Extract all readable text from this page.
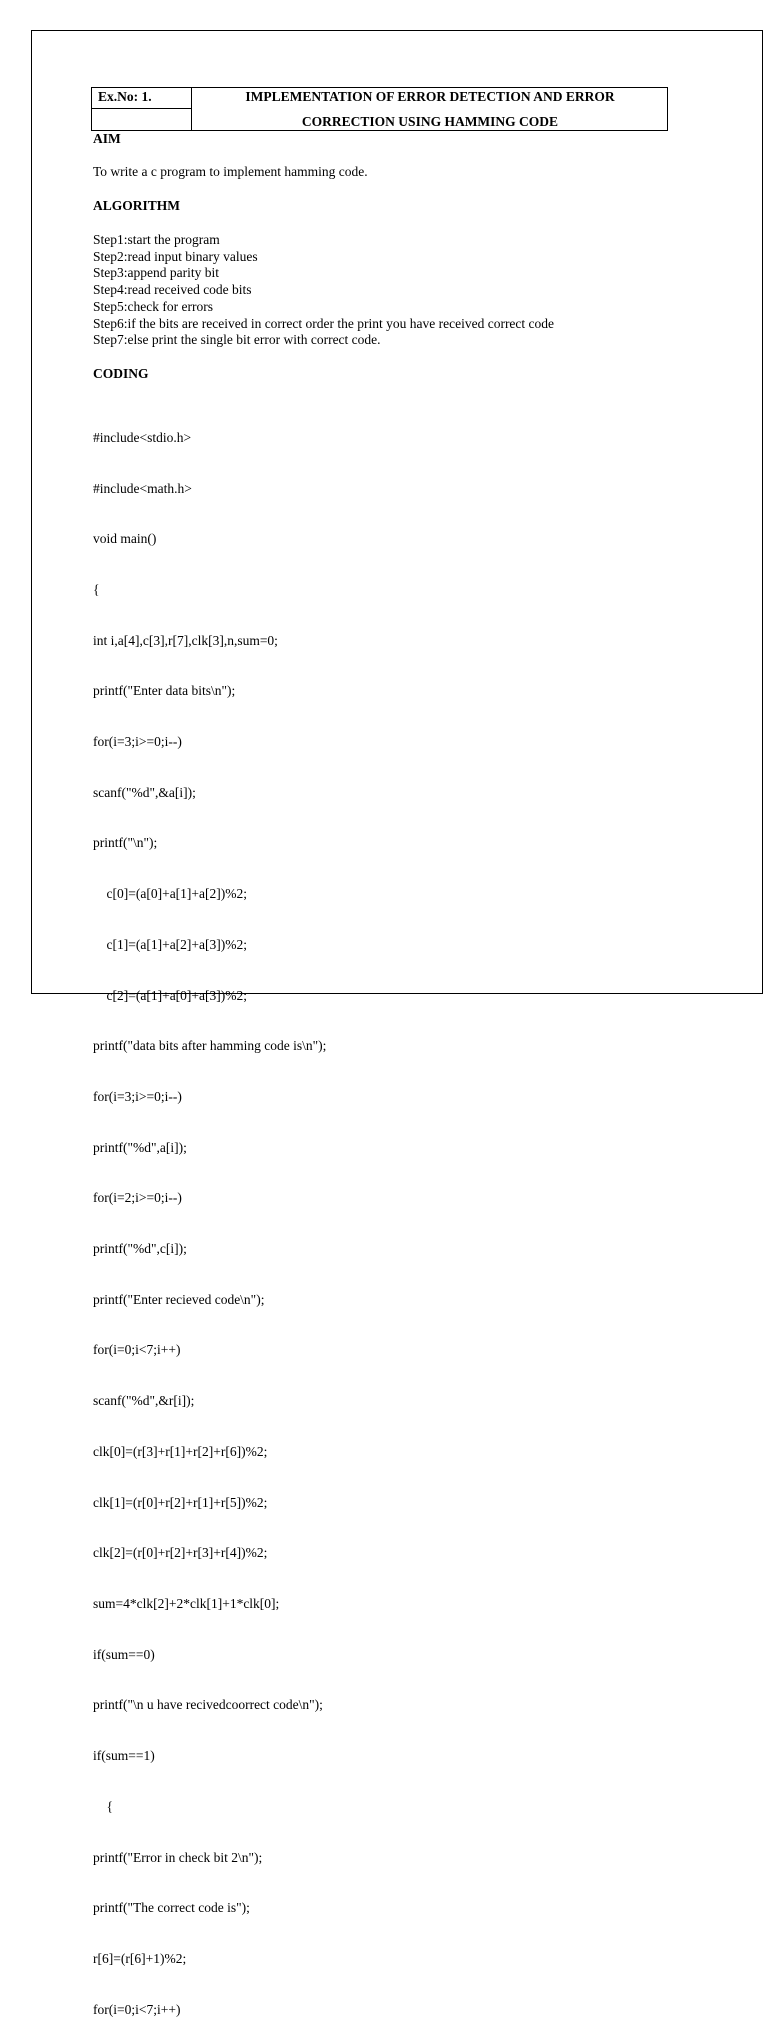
Ex.No: 1.	IMPLEMENTATION OF ERROR DETECTION AND ERROR
CORRECTION USING HAMMING CODE
AIM
To write a c program to implement hamming code.
ALGORITHM
Step1:start the program
Step2:read input binary values
Step3:append parity bit
Step4:read received code bits
Step5:check for errors
Step6:if the bits are received in correct order the print you have received correct code
Step7:else print the single bit error with correct code.
CODING

#include<stdio.h>

#include<math.h>

void main()

{

int i,a[4],c[3],r[7],clk[3],n,sum=0;

printf("Enter data bits\n");

for(i=3;i>=0;i--)

scanf("%d",&a[i]);

printf("\n");

c[0]=(a[0]+a[1]+a[2])%2;

c[1]=(a[1]+a[2]+a[3])%2;

c[2]=(a[1]+a[0]+a[3])%2;

printf("data bits after hamming code is\n");

for(i=3;i>=0;i--)

printf("%d",a[i]);

for(i=2;i>=0;i--)

printf("%d",c[i]);

printf("Enter recieved code\n");

for(i=0;i<7;i++)

scanf("%d",&r[i]);

clk[0]=(r[3]+r[1]+r[2]+r[6])%2;

clk[1]=(r[0]+r[2]+r[1]+r[5])%2;

clk[2]=(r[0]+r[2]+r[3]+r[4])%2;

sum=4*clk[2]+2*clk[1]+1*clk[0];

if(sum==0)

printf("\n u have recivedcoorrect code\n");

if(sum==1)

{

printf("Error in check bit 2\n");

printf("The correct code is");

r[6]=(r[6]+1)%2;

for(i=0;i<7;i++)
